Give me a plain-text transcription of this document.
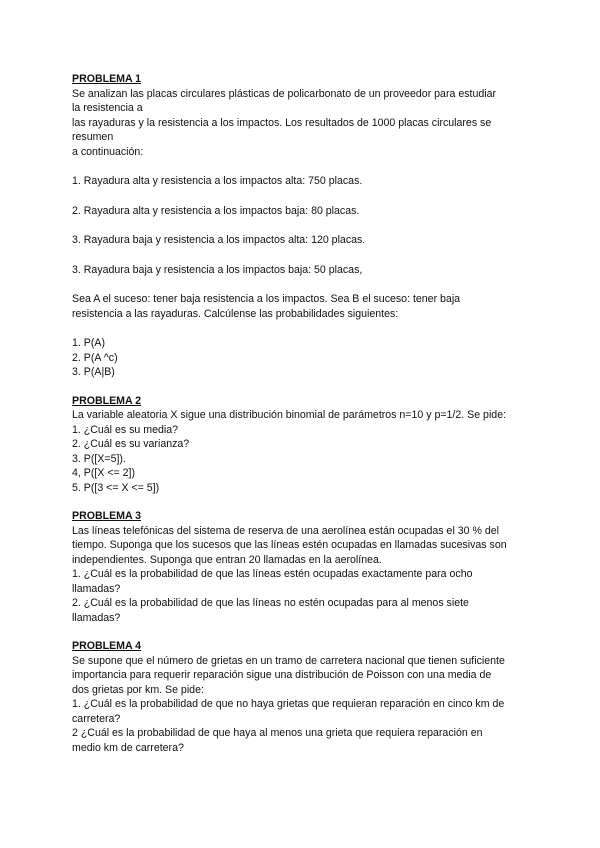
PROBLEMA 1

Se analizan las placas circulares plásticas de policarbonato de un proveedor para estudiar

la resistencia a

las rayaduras y la resistencia a los impactos. Los resultados de 1000 placas circulares se

resumen

a continuación:

1. Rayadura alta y resistencia a los impactos alta: 750 placas.

2. Rayadura alta y resistencia a los impactos baja: 80 placas.

3. Rayadura baja y resistencia a los impactos alta: 120 placas.

3. Rayadura baja y resistencia a los impactos baja: 50 placas,

Sea A el suceso: tener baja resistencia a los impactos. Sea B el suceso: tener baja

resistencia a las rayaduras. Calcúlense las probabilidades siguientes:

1. P(A)

2. P(A ^c)

3. P(A|B)

PROBLEMA 2

La variable aleatoria X sigue una distribución binomial de parámetros n=10 y p=1/2. Se pide:

1. ¿Cuál es su media?

2. ¿Cuál es su varianza?

3. P([X=5]).

4, P([X <= 2])

5. P([3 <= X <= 5])

PROBLEMA 3

Las líneas telefónicas del sistema de reserva de una aerolínea están ocupadas el 30 % del

tiempo. Suponga que los sucesos que las líneas estén ocupadas en llamadas sucesivas son

independientes. Suponga que entran 20 llamadas en la aerolínea.

1. ¿Cuál es la probabilidad de que las líneas estén ocupadas exactamente para ocho

llamadas?

2. ¿Cuál es la probabilidad de que las líneas no estén ocupadas para al menos siete

llamadas?

PROBLEMA 4

Se supone que el número de grietas en un tramo de carretera nacional que tienen suficiente

importancia para requerir reparación sigue una distribución de Poisson con una media de

dos grietas por km. Se pide:

1. ¿Cuál es la probabilidad de que no haya grietas que requieran reparación en cinco km de

carretera?

2 ¿Cuál es la probabilidad de que haya al menos una grieta que requiera reparación en

medio km de carretera?
